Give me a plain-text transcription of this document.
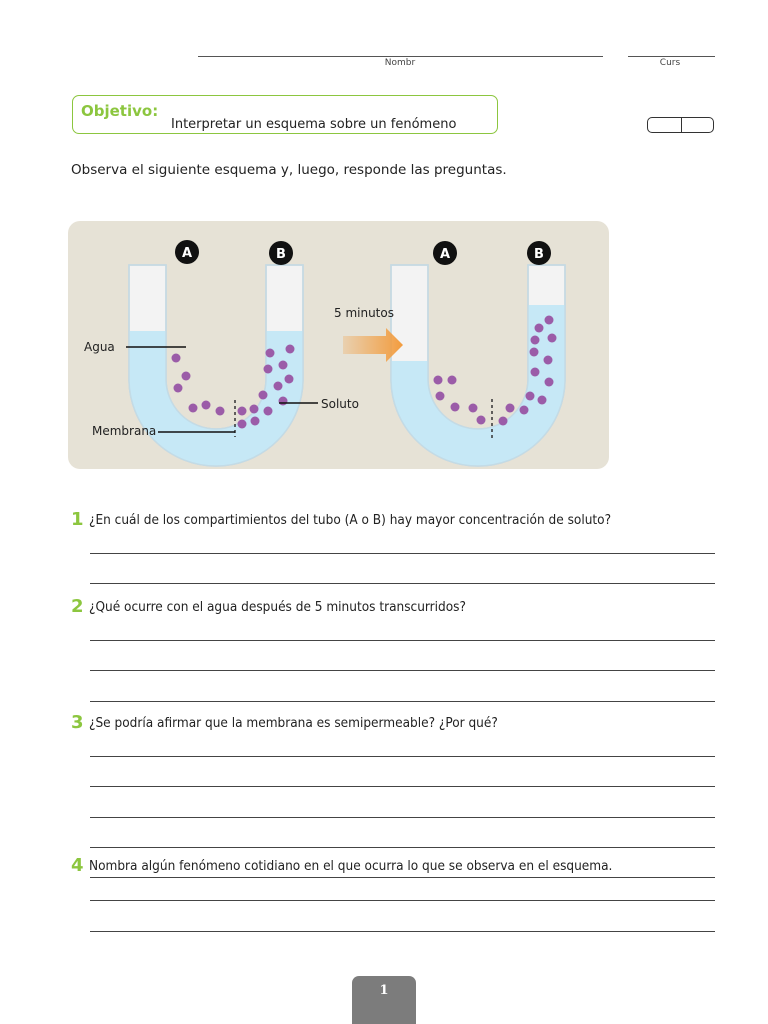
Nombr	Curs
Objetivo:
Interpretar un esquema sobre un fenómeno
Observa el siguiente esquema y, luego, responde las preguntas.
A	B	A	B
5 minutos
Agua
Membrana
Soluto
1 ¿En cuál de los compartimientos del tubo (A o B) hay mayor concentración de soluto?
2 ¿Qué ocurre con el agua después de 5 minutos transcurridos?
3 ¿Se podría afirmar que la membrana es semipermeable? ¿Por qué?
4 Nombra algún fenómeno cotidiano en el que ocurra lo que se observa en el esquema.
1
